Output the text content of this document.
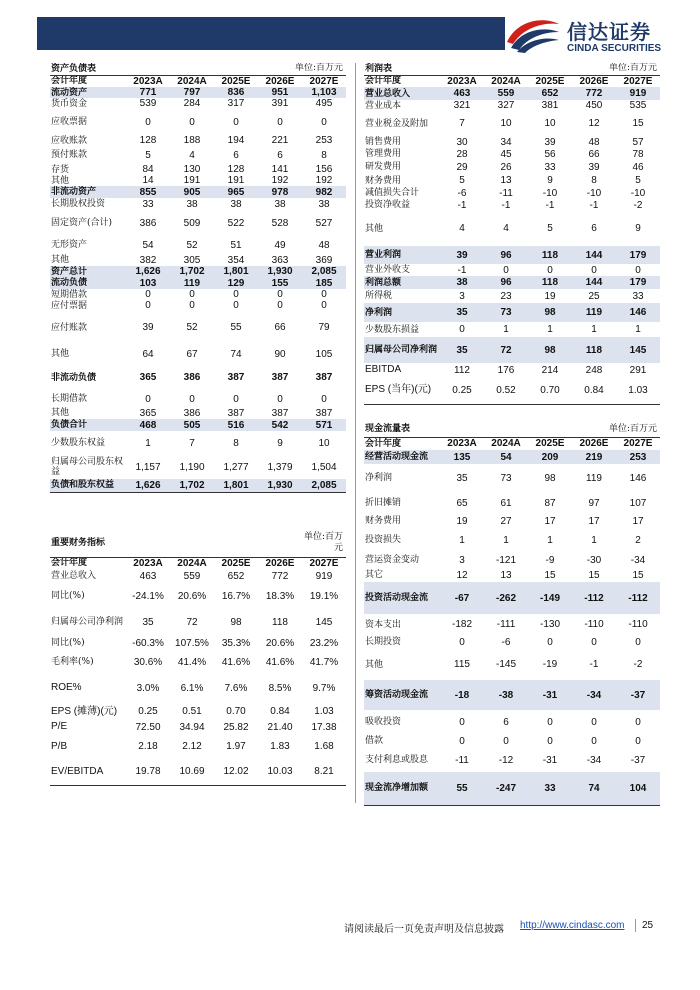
信达证券
CINDA SECURITIES
资产负债表			单位:百万元		
会计年度	2023A	2024A	2025E	2026E	2027E
流动资产	771	797	836	951	1,103
货币资金	539	284	317	391	495
应收票据	0	0	0	0	0
应收账款	128	188	194	221	253
预付账款	5	4	6	6	8
存货	84	130	128	141	156
其他	14	191	191	192	192
非流动资产	855	905	965	978	982
长期股权投资	33	38	38	38	38
固定资产(合计)	386	509	522	528	527
无形资产	54	52	51	49	48
其他	382	305	354	363	369
资产总计	1,626	1,702	1,801	1,930	2,085
流动负债	103	119	129	155	185
短期借款	0	0	0	0	0
应付票据	0	0	0	0	0
应付账款	39	52	55	66	79
其他	64	67	74	90	105
非流动负债	365	386	387	387	387
长期借款	0	0	0	0	0
其他	365	386	387	387	387
负债合计	468	505	516	542	571
少数股东权益	1	7	8	9	10
归属母公司股东权益	1,157	1,190	1,277	1,379	1,504
负债和股东权益	1,626	1,702	1,801	1,930	2,085
利润表			单位:百万元		
会计年度	2023A	2024A	2025E	2026E	2027E
营业总收入	463	559	652	772	919
营业成本	321	327	381	450	535
营业税金及附加	7	10	10	12	15
销售费用	30	34	39	48	57
管理费用	28	45	56	66	78
研发费用	29	26	33	39	46
财务费用	5	13	9	8	5
减值损失合计	-6	-11	-10	-10	-10
投资净收益	-1	-1	-1	-1	-2
其他	4	4	5	6	9
营业利润	39	96	118	144	179
营业外收支	-1	0	0	0	0
利润总额	38	96	118	144	179
所得税	3	23	19	25	33
净利润	35	73	98	119	146
少数股东损益	0	1	1	1	1
归属母公司净利润	35	72	98	118	145
EBITDA	112	176	214	248	291
EPS (当年)(元)	0.25	0.52	0.70	0.84	1.03
重要财务指标					单位:百万元
会计年度	2023A	2024A	2025E	2026E	2027E
营业总收入	463	559	652	772	919
同比(%)	-24.1%	20.6%	16.7%	18.3%	19.1%
归属母公司净利润	35	72	98	118	145
同比(%)	-60.3%	107.5%	35.3%	20.6%	23.2%
毛利率(%)	30.6%	41.4%	41.6%	41.6%	41.7%
ROE%	3.0%	6.1%	7.6%	8.5%	9.7%
EPS (摊薄)(元)	0.25	0.51	0.70	0.84	1.03
P/E	72.50	34.94	25.82	21.40	17.38
P/B	2.18	2.12	1.97	1.83	1.68
EV/EBITDA	19.78	10.69	12.02	10.03	8.21
现金流量表			单位:百万元		
会计年度	2023A	2024A	2025E	2026E	2027E
经营活动现金流	135	54	209	219	253
净利润	35	73	98	119	146
折旧摊销	65	61	87	97	107
财务费用	19	27	17	17	17
投资损失	1	1	1	1	2
营运资金变动	3	-121	-9	-30	-34
其它	12	13	15	15	15
投资活动现金流	-67	-262	-149	-112	-112
资本支出	-182	-111	-130	-110	-110
长期投资	0	-6	0	0	0
其他	115	-145	-19	-1	-2
筹资活动现金流	-18	-38	-31	-34	-37
吸收投资	0	6	0	0	0
借款	0	0	0	0	0
支付利息或股息	-11	-12	-31	-34	-37
现金流净增加额	55	-247	33	74	104
请阅读最后一页免责声明及信息披露 http://www.cindasc.com 25
